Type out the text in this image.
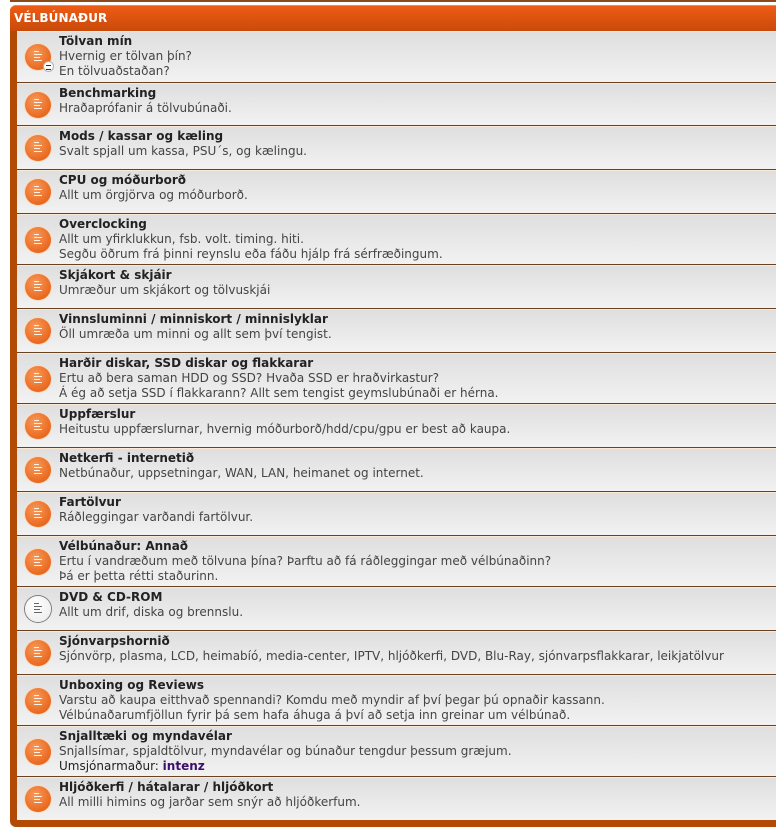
VÉLBÚNAÐUR
Tölvan mín
Hvernig er tölvan þín?
En tölvuaðstaðan?
Benchmarking
Hraðaprófanir á tölvubúnaði.
Mods / kassar og kæling
Svalt spjall um kassa, PSU´s, og kælingu.
CPU og móðurborð
Allt um örgjörva og móðurborð.
Overclocking
Allt um yfirklukkun, fsb. volt. timing. hiti.
Segðu öðrum frá þinni reynslu eða fáðu hjálp frá sérfræðingum.
Skjákort & skjáir
Umræður um skjákort og tölvuskjái
Vinnsluminni / minniskort / minnislyklar
Öll umræða um minni og allt sem því tengist.
Harðir diskar, SSD diskar og flakkarar
Ertu að bera saman HDD og SSD? Hvaða SSD er hraðvirkastur?
Á ég að setja SSD í flakkarann? Allt sem tengist geymslubúnaði er hérna.
Uppfærslur
Heitustu uppfærslurnar, hvernig móðurborð/hdd/cpu/gpu er best að kaupa.
Netkerfi - internetið
Netbúnaður, uppsetningar, WAN, LAN, heimanet og internet.
Fartölvur
Ráðleggingar varðandi fartölvur.
Vélbúnaður: Annað
Ertu í vandræðum með tölvuna þína? Þarftu að fá ráðleggingar með vélbúnaðinn?
Þá er þetta rétti staðurinn.
DVD & CD-ROM
Allt um drif, diska og brennslu.
Sjónvarpshornið
Sjónvörp, plasma, LCD, heimabíó, media-center, IPTV, hljóðkerfi, DVD, Blu-Ray, sjónvarpsflakkarar, leikjatölvur
Unboxing og Reviews
Varstu að kaupa eitthvað spennandi? Komdu með myndir af því þegar þú opnaðir kassann.
Vélbúnaðarumfjöllun fyrir þá sem hafa áhuga á því að setja inn greinar um vélbúnað.
Snjalltæki og myndavélar
Snjallsímar, spjaldtölvur, myndavélar og búnaður tengdur þessum græjum.
Umsjónarmaður: intenz
Hljóðkerfi / hátalarar / hljóðkort
All milli himins og jarðar sem snýr að hljóðkerfum.
